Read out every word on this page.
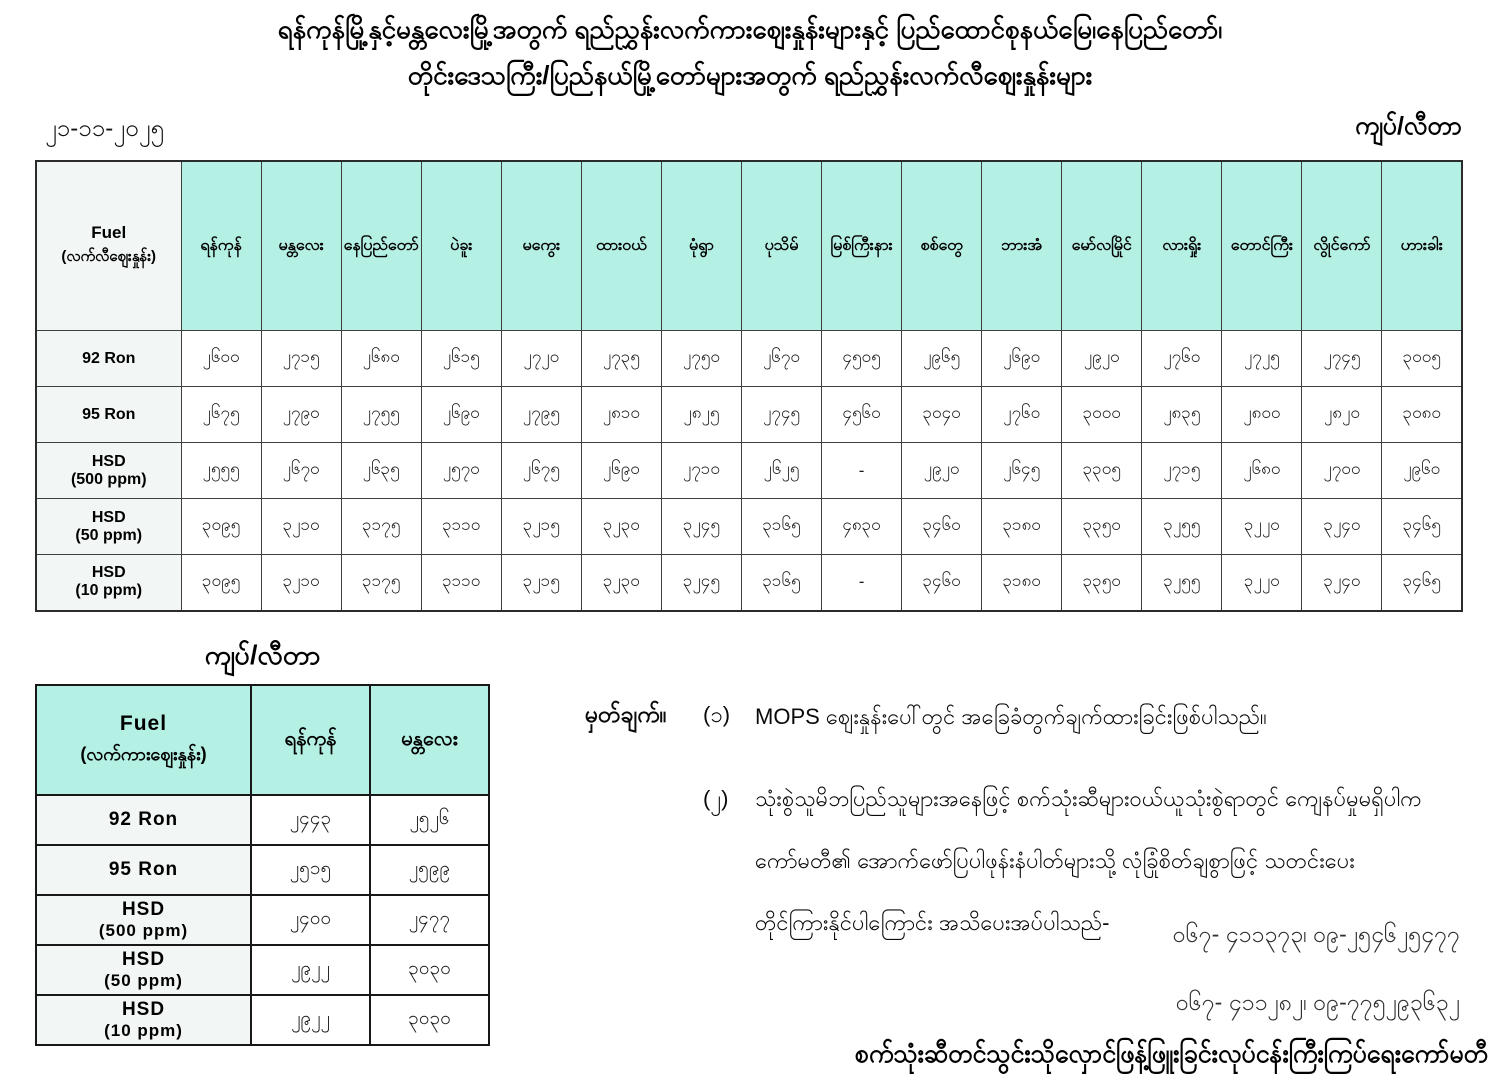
ရန်ကုန်မြို့နှင့်မန္တလေးမြို့အတွက် ရည်ညွှန်းလက်ကားဈေးနှုန်းများနှင့် ပြည်ထောင်စုနယ်မြေ၊နေပြည်တော်၊
တိုင်းဒေသကြီး/ပြည်နယ်မြို့တော်များအတွက် ရည်ညွှန်းလက်လီဈေးနှုန်းများ
၂၁-၁၁-၂၀၂၅	ကျပ်/လီတာ
Fuel
(လက်လီဈေးနှုန်း)	ရန်ကုန်	မန္တလေး	နေပြည်တော်	ပဲခူး	မကွေး	ထားဝယ်	မုံရွာ	ပုသိမ်	မြစ်ကြီးနား	စစ်တွေ	ဘားအံ	မော်လမြိုင်	လားရှိုး	တောင်ကြီး	လွိုင်ကော်	ဟားခါး

92 Ron	၂၆၀၀	၂၇၁၅	၂၆၈၀	၂၆၁၅	၂၇၂၀	၂၇၃၅	၂၇၅၀	၂၆၇၀	၄၅၀၅	၂၉၆၅	၂၆၉၀	၂၉၂၀	၂၇၆၀	၂၇၂၅	၂၇၄၅	၃၀၀၅

95 Ron	၂၆၇၅	၂၇၉၀	၂၇၅၅	၂၆၉၀	၂၇၉၅	၂၈၁၀	၂၈၂၅	၂၇၄၅	၄၅၆၀	၃၀၄၀	၂၇၆၀	၃၀၀၀	၂၈၃၅	၂၈၀၀	၂၈၂၀	၃၀၈၀

HSD
(500 ppm)	၂၅၅၅	၂၆၇၀	၂၆၃၅	၂၅၇၀	၂၆၇၅	၂၆၉၀	၂၇၁၀	၂၆၂၅	-	၂၉၂၀	၂၆၄၅	၃၃၀၅	၂၇၁၅	၂၆၈၀	၂၇၀၀	၂၉၆၀

HSD
(50 ppm)	၃၀၉၅	၃၂၁၀	၃၁၇၅	၃၁၁၀	၃၂၁၅	၃၂၃၀	၃၂၄၅	၃၁၆၅	၄၈၃၀	၃၄၆၀	၃၁၈၀	၃၃၅၀	၃၂၅၅	၃၂၂၀	၃၂၄၀	၃၄၆၅

HSD
(10 ppm)	၃၀၉၅	၃၂၁၀	၃၁၇၅	၃၁၁၀	၃၂၁၅	၃၂၃၀	၃၂၄၅	၃၁၆၅	-	၃၄၆၀	၃၁၈၀	၃၃၅၀	၃၂၅၅	၃၂၂၀	၃၂၄၀	၃၄၆၅
ကျပ်/လီတာ
Fuel
(လက်ကားဈေးနှုန်း)	ရန်ကုန်	မန္တလေး

92 Ron	၂၄၄၃	၂၅၂၆

95 Ron	၂၅၁၅	၂၅၉၉

HSD
(500 ppm)	၂၄၀၀	၂၄၇၇

HSD
(50 ppm)	၂၉၂၂	၃၀၃၀

HSD
(10 ppm)	၂၉၂၂	၃၀၃၀
မှတ်ချက်။	(၁)	MOPS ဈေးနှုန်းပေါ်တွင် အခြေခံတွက်ချက်ထားခြင်းဖြစ်ပါသည်။
(၂)	သုံးစွဲသူမိဘပြည်သူများအနေဖြင့် စက်သုံးဆီများဝယ်ယူသုံးစွဲရာတွင် ကျေနပ်မှုမရှိပါက
ကော်မတီ၏ အောက်ဖော်ပြပါဖုန်းနံပါတ်များသို့ လုံခြုံစိတ်ချစွာဖြင့် သတင်းပေး
တိုင်ကြားနိုင်ပါကြောင်း အသိပေးအပ်ပါသည်-	၀၆၇- ၄၁၁၃၇၃၊ ၀၉-၂၅၄၆၂၅၄၇၇
၀၆၇- ၄၁၁၂၈၂၊ ၀၉-၇၇၅၂၉၃၆၃၂
စက်သုံးဆီတင်သွင်းသိုလှောင်ဖြန့်ဖြူးခြင်းလုပ်ငန်းကြီးကြပ်ရေးကော်မတီ
